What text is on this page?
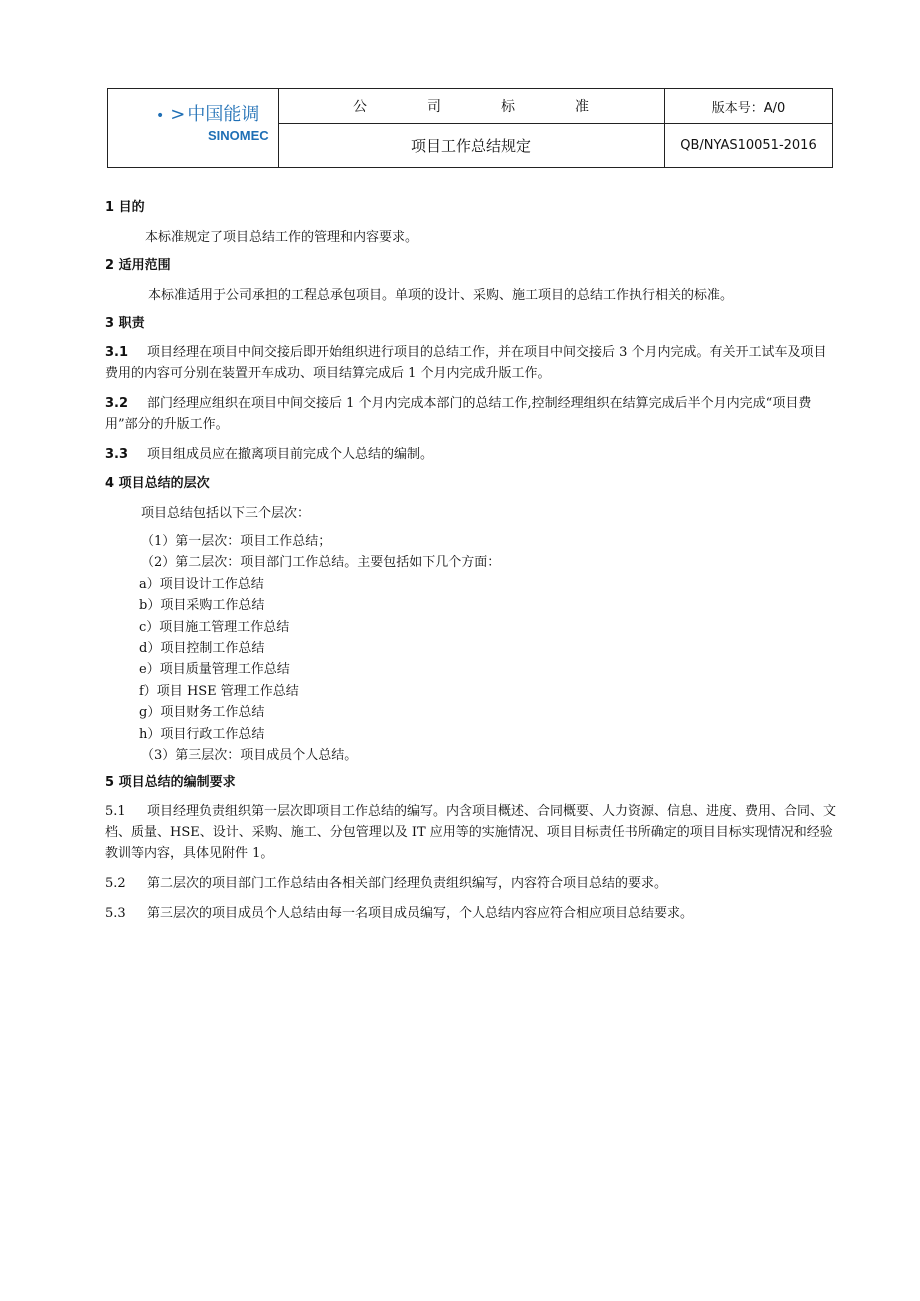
• > 中国能调
SINOMEC
公司标准	版本号：A/0
项目工作总结规定	QB/NYAS10051-2016

1 目的

本标准规定了项目总结工作的管理和内容要求。

2 适用范围

本标准适用于公司承担的工程总承包项目。单项的设计、采购、施工项目的总结工作执行相关的标准。

3 职责

3.1 项目经理在项目中间交接后即开始组织进行项目的总结工作，并在项目中间交接后 3 个月内完成。有关开工试车及项目费用的内容可分别在装置开车成功、项目结算完成后 1 个月内完成升版工作。

3.2 部门经理应组织在项目中间交接后 1 个月内完成本部门的总结工作,控制经理组织在结算完成后半个月内完成“项目费用”部分的升版工作。

3.3 项目组成员应在撤离项目前完成个人总结的编制。

4 项目总结的层次

项目总结包括以下三个层次：

（1）第一层次：项目工作总结；

（2）第二层次：项目部门工作总结。主要包括如下几个方面：

a）项目设计工作总结

b）项目采购工作总结

c）项目施工管理工作总结

d）项目控制工作总结

e）项目质量管理工作总结

f）项目 HSE 管理工作总结

g）项目财务工作总结

h）项目行政工作总结

（3）第三层次：项目成员个人总结。

5 项目总结的编制要求

5.1 项目经理负责组织第一层次即项目工作总结的编写。内含项目概述、合同概要、人力资源、信息、进度、费用、合同、文档、质量、HSE、设计、采购、施工、分包管理以及 IT 应用等的实施情况、项目目标责任书所确定的项目目标实现情况和经验教训等内容，具体见附件 1。

5.2 第二层次的项目部门工作总结由各相关部门经理负责组织编写，内容符合项目总结的要求。

5.3 第三层次的项目成员个人总结由每一名项目成员编写，个人总结内容应符合相应项目总结要求。
